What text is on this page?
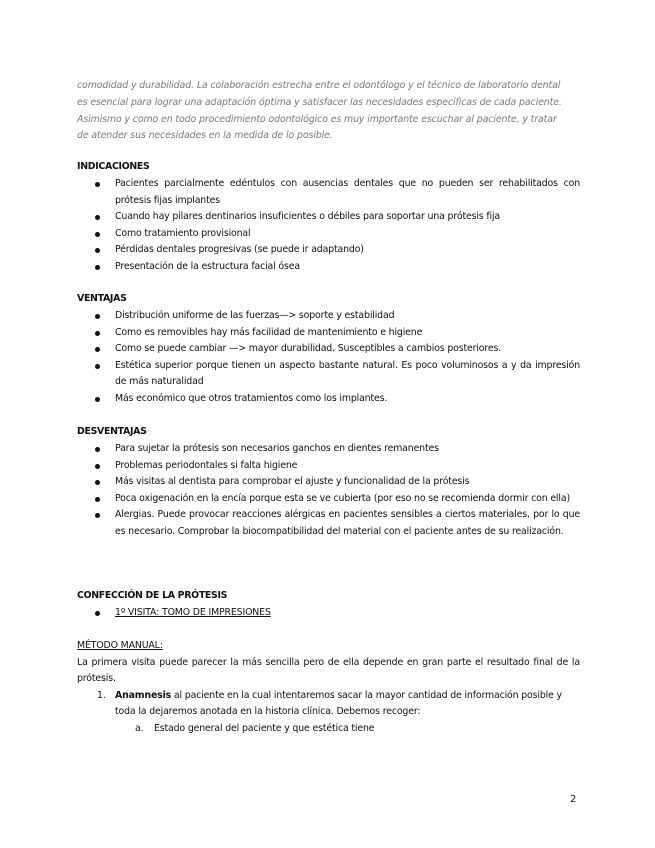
comodidad y durabilidad. La colaboración estrecha entre el odontólogo y el técnico de laboratorio dental

es esencial para lograr una adaptación óptima y satisfacer las necesidades específicas de cada paciente.

Asimismo y como en todo procedimiento odontológico es muy importante escuchar al paciente, y tratar

de atender sus necesidades en la medida de lo posible.

INDICACIONES
Pacientes parcialmente edéntulos con ausencias dentales que no pueden ser rehabilitados con prótesis fijas implantes
Cuando hay pilares dentinarios insuficientes o débiles para soportar una prótesis fija
Como tratamiento provisional
Pérdidas dentales progresivas (se puede ir adaptando)
Presentación de la estructura facial ósea
VENTAJAS
Distribución uniforme de las fuerzas—> soporte y estabilidad
Como es removibles hay más facilidad de mantenimiento e higiene
Como se puede cambiar —> mayor durabilidad. Susceptibles a cambios posteriores.
Estética superior porque tienen un aspecto bastante natural. Es poco voluminosos a y da impresión de más naturalidad
Más económico que otros tratamientos como los implantes.
DESVENTAJAS
Para sujetar la prótesis son necesarios ganchos en dientes remanentes
Problemas periodontales si falta higiene
Más visitas al dentista para comprobar el ajuste y funcionalidad de la prótesis
Poca oxigenación en la encía porque esta se ve cubierta (por eso no se recomienda dormir con ella)
Alergias. Puede provocar reacciones alérgicas en pacientes sensibles a ciertos materiales, por lo que es necesario. Comprobar la biocompatibilidad del material con el paciente antes de su realización.
CONFECCIÓN DE LA PRÓTESIS
1º VISITA: TOMO DE IMPRESIONES
MÉTODO MANUAL:

La primera visita puede parecer la más sencilla pero de ella depende en gran parte el resultado final de la prótesis.

1. Anamnesis al paciente en la cual intentaremos sacar la mayor cantidad de información posible y toda la dejaremos anotada en la historia clínica. Debemos recoger:
a. Estado general del paciente y que estética tiene
2
